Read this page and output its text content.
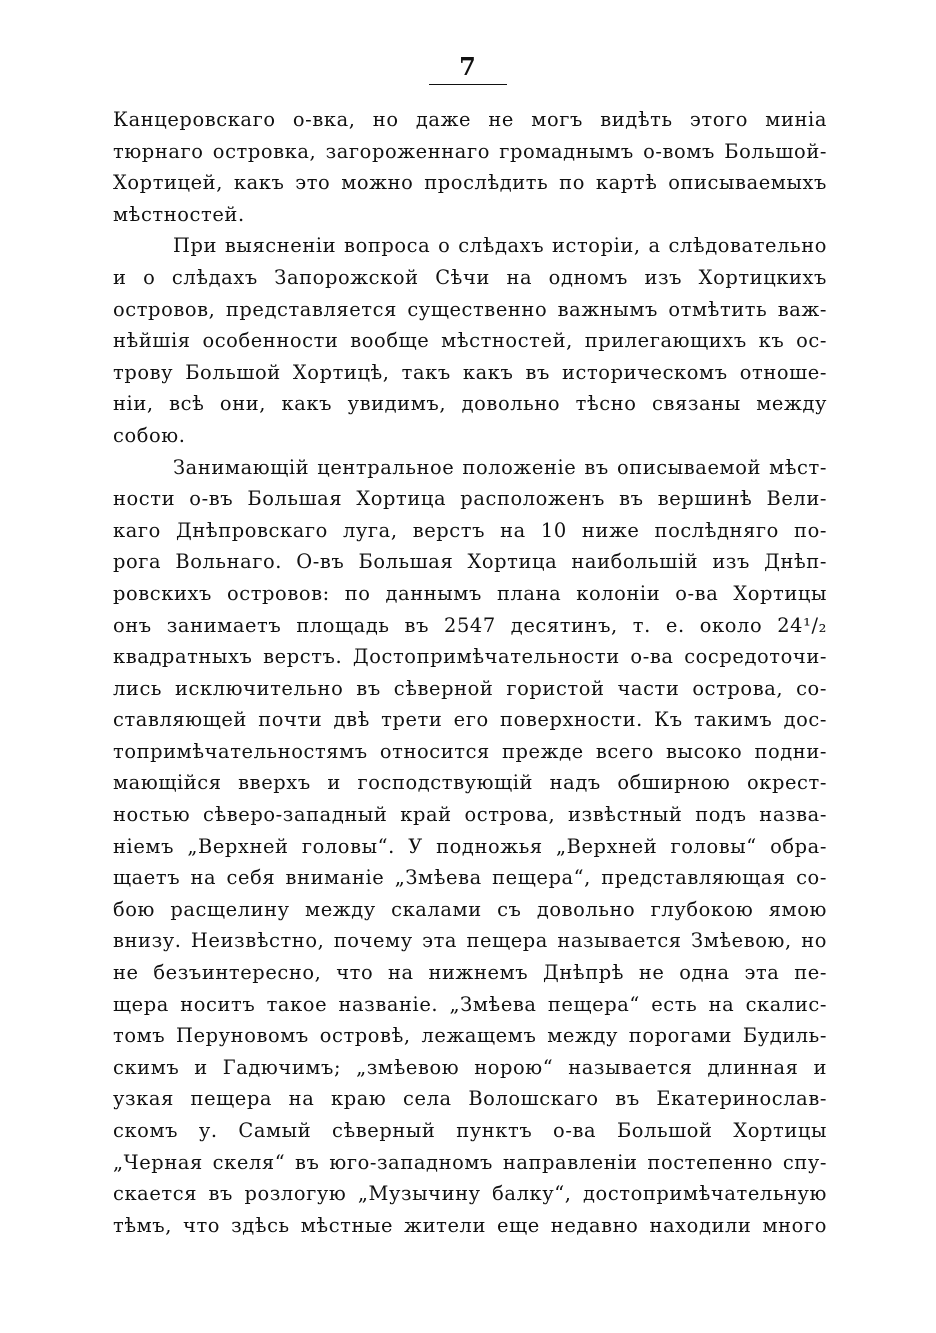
7
Канцеровскаго о-вка, но даже не могъ видѣть этого миніа
тюрнаго островка, загороженнаго громаднымъ о-вомъ Большой-
Хортицей, какъ это можно прослѣдить по картѣ описываемыхъ
мѣстностей.
При выясненіи вопроса о слѣдахъ исторіи, а слѣдовательно
и о слѣдахъ Запорожской Сѣчи на одномъ изъ Хортицкихъ
островов, представляется существенно важнымъ отмѣтить важ-
нѣйшія особенности вообще мѣстностей, прилегающихъ къ ос-
трову Большой Хортицѣ, такъ какъ въ историческомъ отноше-
ніи, всѣ они, какъ увидимъ, довольно тѣсно связаны между
собою.
Занимающій центральное положеніе въ описываемой мѣст-
ности о-въ Большая Хортица расположенъ въ вершинѣ Вели-
каго Днѣпровскаго луга, верстъ на 10 ниже послѣдняго по-
рога Вольнаго. О-въ Большая Хортица наибольшій изъ Днѣп-
ровскихъ островов: по даннымъ плана колоніи о-ва Хортицы
онъ занимаетъ площадь въ 2547 десятинъ, т. е. около 24¹/₂
квадратныхъ верстъ. Достопримѣчательности о-ва сосредоточи-
лись исключительно въ сѣверной гористой части острова, со-
ставляющей почти двѣ трети его поверхности. Къ такимъ дос-
топримѣчательностямъ относится прежде всего высоко подни-
мающійся вверхъ и господствующій надъ обширною окрест-
ностью сѣверо-западный край острова, извѣстный подъ назва-
ніемъ „Верхней головы“. У подножья „Верхней головы“ обра-
щаетъ на себя вниманіе „Змѣева пещера“, представляющая со-
бою расщелину между скалами съ довольно глубокою ямою
внизу. Неизвѣстно, почему эта пещера называется Змѣевою, но
не безъинтересно, что на нижнемъ Днѣпрѣ не одна эта пе-
щера носитъ такое названіе. „Змѣева пещера“ есть на скалис-
томъ Перуновомъ островѣ, лежащемъ между порогами Будиль-
скимъ и Гадючимъ; „змѣевою норою“ называется длинная и
узкая пещера на краю села Волошскаго въ Екатеринослав-
скомъ у. Самый сѣверный пунктъ о-ва Большой Хортицы
„Черная скеля“ въ юго-западномъ направленіи постепенно спу-
скается въ розлогую „Музычину балку“, достопримѣчательную
тѣмъ, что здѣсь мѣстные жители еще недавно находили много
